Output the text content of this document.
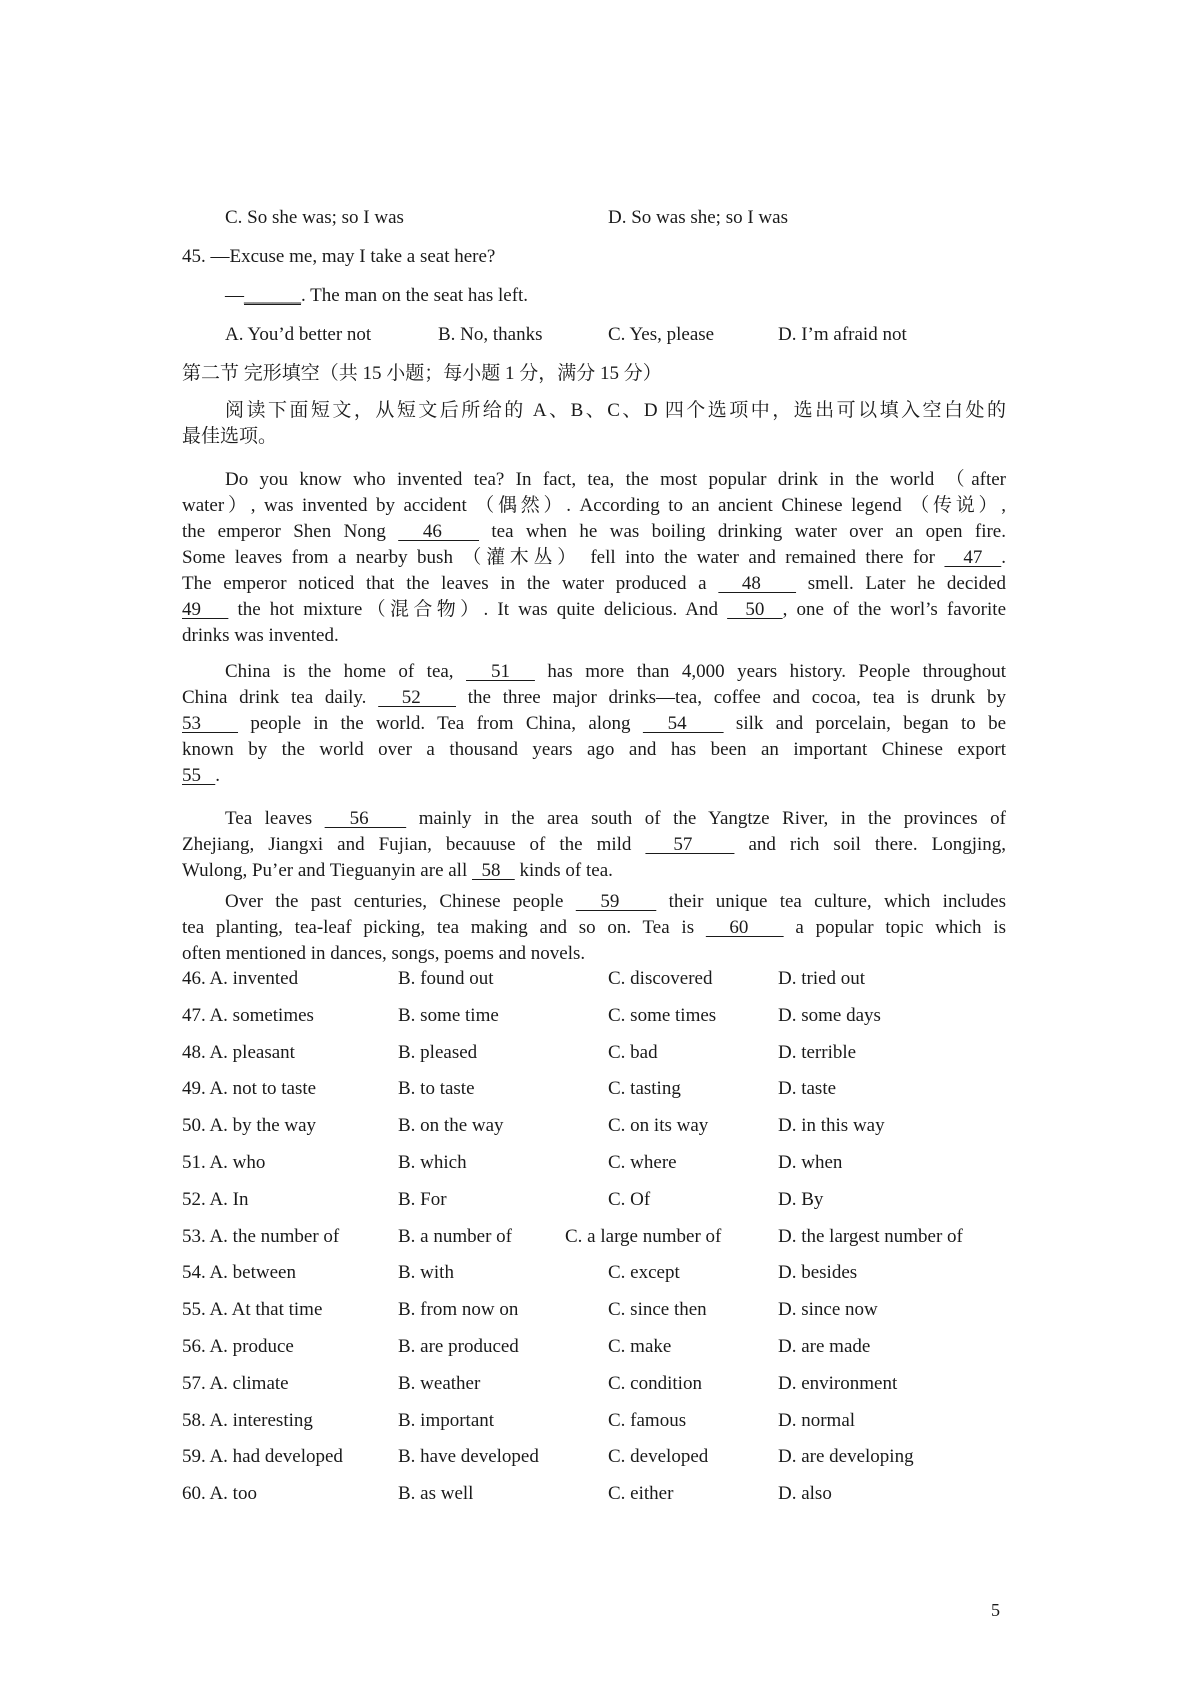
C. So she was; so I was	D. So was she; so I was
45. —Excuse me, may I take a seat here?
—______. The man on the seat has left.
A. You’d better not	B. No, thanks	C. Yes, please	D. I’m afraid not
第二节 完形填空（共 15 小题；每小题 1 分，满分 15 分）
阅读下面短文，从短文后所给的 A、B、C、D 四个选项中，选出可以填入空白处的
最佳选项。
Do you know who invented tea? In fact, tea, the most popular drink in the world （after
water）, was invented by accident （偶然）. According to an ancient Chinese legend （传说）,
the emperor Shen Nong   46    tea when he was boiling drinking water over an open fire.
Some leaves from a nearby bush （灌木丛） fell into the water and remained there for   47  .
The emperor noticed that the leaves in the water produced a   48    smell. Later he decided
49    the hot mixture（混合物）. It was quite delicious. And   50  , one of the worl’s favorite
drinks was invented.
China is the home of tea,   51   has more than 4,000 years history. People throughout
China drink tea daily.   52    the three major drinks—tea, coffee and cocoa, tea is drunk by
53    people in the world. Tea from China, along   54    silk and porcelain, began to be
known by the world over a thousand years ago and has been an important Chinese export
55   .
Tea leaves   56    mainly in the area south of the Yangtze River, in the provinces of
Zhejiang, Jiangxi and Fujian, becauuse of the mild   57    and rich soil there. Longjing,
Wulong, Pu’er and Tieguanyin are all   58    kinds of tea.
Over the past centuries, Chinese people   59    their unique tea culture, which includes
tea planting, tea-leaf picking, tea making and so on. Tea is   60    a popular topic which is
often mentioned in dances, songs, poems and novels.
46. A. invented	B. found out	C. discovered	D. tried out
47. A. sometimes	B. some time	C. some times	D. some days
48. A. pleasant	B. pleased	C. bad	D. terrible
49. A. not to taste	B. to taste	C. tasting	D. taste
50. A. by the way	B. on the way	C. on its way	D. in this way
51. A. who	B. which	C. where	D. when
52. A. In	B. For	C. Of	D. By
53. A. the number of	B. a number of	C. a large number of	D. the largest number of
54. A. between	B. with	C. except	D. besides
55. A. At that time	B. from now on	C. since then	D. since now
56. A. produce	B. are produced	C. make	D. are made
57. A. climate	B. weather	C. condition	D. environment
58. A. interesting	B. important	C. famous	D. normal
59. A. had developed	B. have developed	C. developed	D. are developing
60. A. too	B. as well	C. either	D. also
5
